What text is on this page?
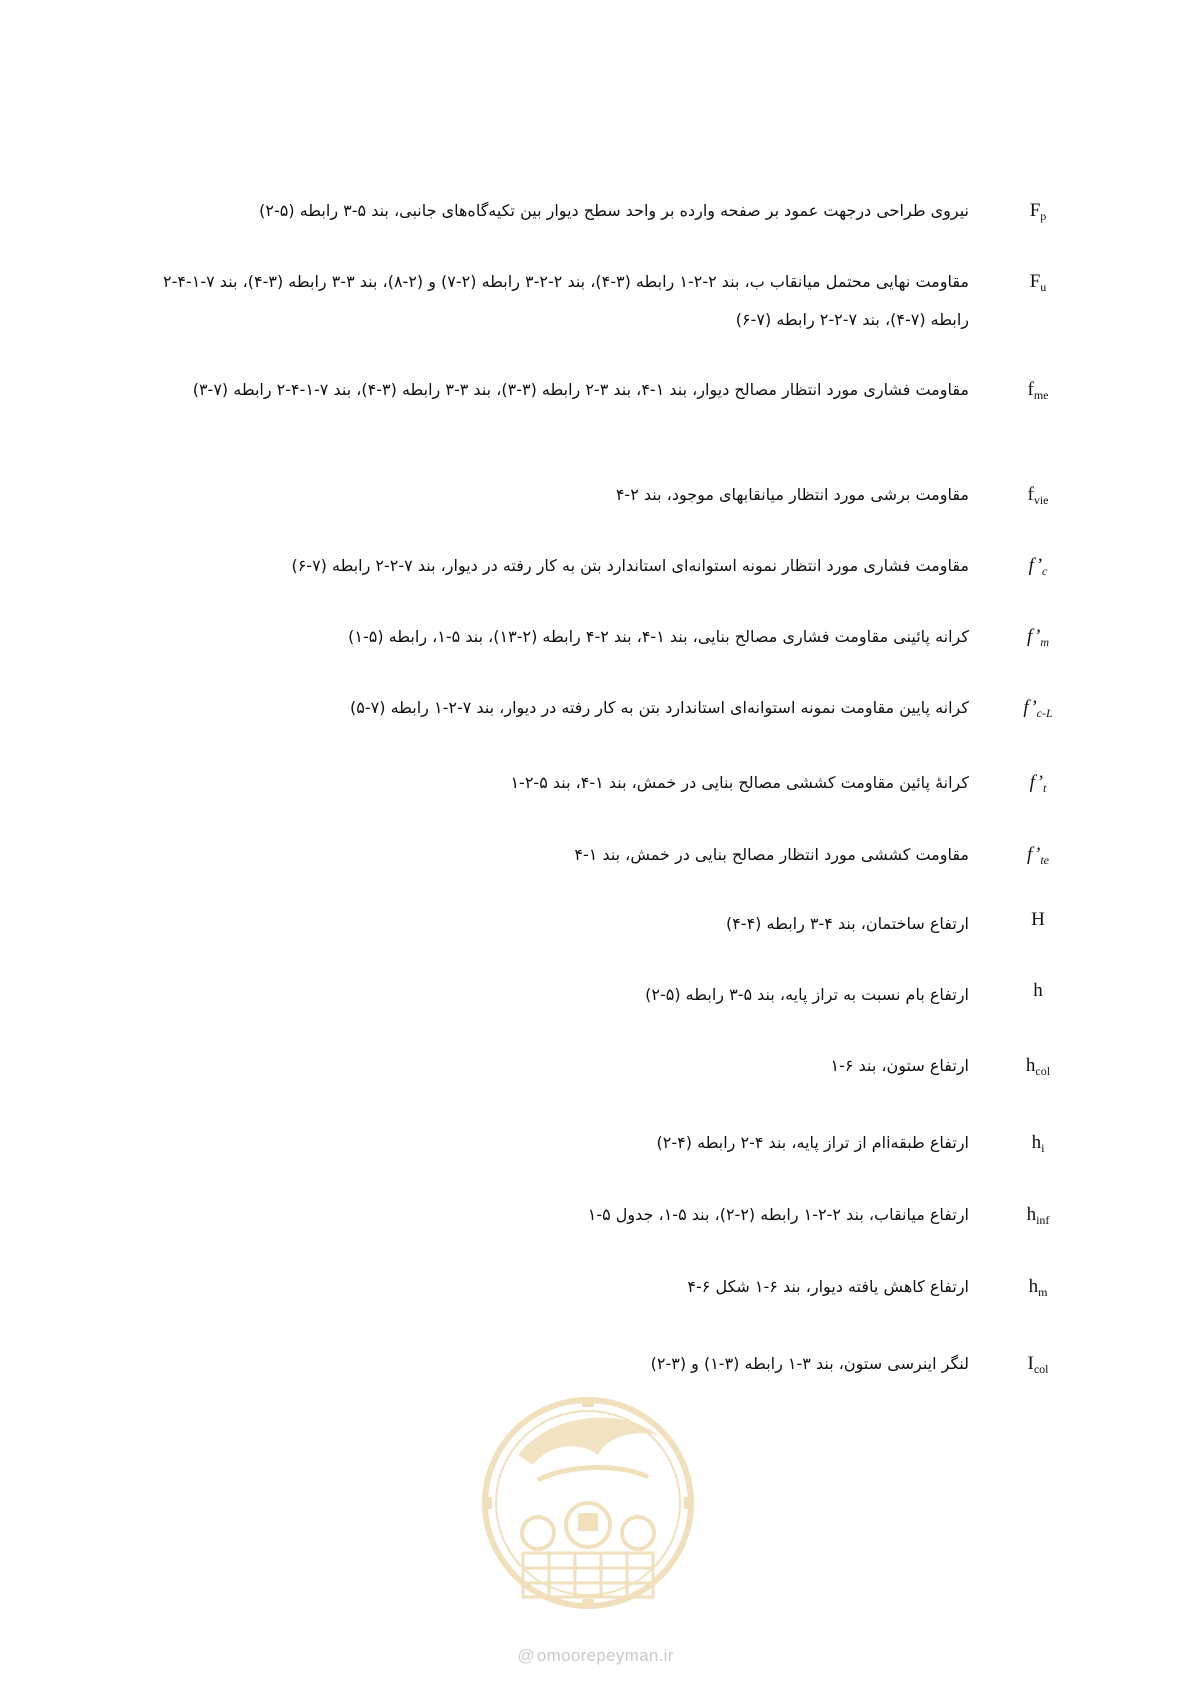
$F_p$
نیروی طراحی درجهت عمود بر صفحه وارده بر واحد سطح دیوار بین تکیه‌گاه‌های جانبی، بند ۵-۳ رابطه (۵-۲)
$F_u$
مقاومت نهایی محتمل میانقاب ب، بند ۲-۲-۱ رابطه (۳-۴)، بند ۲-۲-۳ رابطه (۲-۷) و (۲-۸)، بند ۳-۳ رابطه (۳-۴)، بند ۷-۱-۴-۲ رابطه (۷-۴)، بند ۷-۲-۲ رابطه (۷-۶)
$f_{me}$
مقاومت فشاری مورد انتظار مصالح دیوار، بند ۱-۴، بند ۳-۲ رابطه (۳-۳)، بند ۳-۳ رابطه (۳-۴)، بند ۷-۱-۴-۲ رابطه (۷-۳)
$f_{vie}$
مقاومت برشی مورد انتظار میانقابهای موجود، بند ۲-۴
$f’_c$
مقاومت فشاری مورد انتظار نمونه استوانه‌ای استاندارد بتن به کار رفته در دیوار، بند ۷-۲-۲ رابطه (۷-۶)
$f’_m$
کرانه پائینی مقاومت فشاری مصالح بنایی، بند ۱-۴، بند ۲-۴ رابطه (۲-۱۳)، بند ۵-۱، رابطه (۵-۱)
$f’_{c-L}$
کرانه پایین مقاومت نمونه استوانه‌ای استاندارد بتن به کار رفته در دیوار، بند ۷-۲-۱ رابطه (۷-۵)
$f’_t$
کرانهٔ پائین مقاومت کششی مصالح بنایی در خمش، بند ۱-۴، بند ۵-۲-۱
$f’_{te}$
مقاومت کششی مورد انتظار مصالح بنایی در خمش، بند ۱-۴
H
ارتفاع ساختمان، بند ۴-۳ رابطه (۴-۴)
h
ارتفاع بام نسبت به تراز پایه، بند ۵-۳ رابطه (۵-۲)
$h_{col}$
ارتفاع ستون، بند ۶-۱
$h_i$
ارتفاع طبقهiام از تراز پایه، بند ۴-۲ رابطه (۴-۲)
$h_{inf}$
ارتفاع میانقاب، بند ۲-۲-۱ رابطه (۲-۲)، بند ۵-۱، جدول ۵-۱
$h_m$
ارتفاع کاهش یافته دیوار، بند ۶-۱ شکل ۶-۴
$I_{col}$
لنگر اینرسی ستون، بند ۳-۱ رابطه (۳-۱) و (۳-۲)
@ omoorepeyman.ir
